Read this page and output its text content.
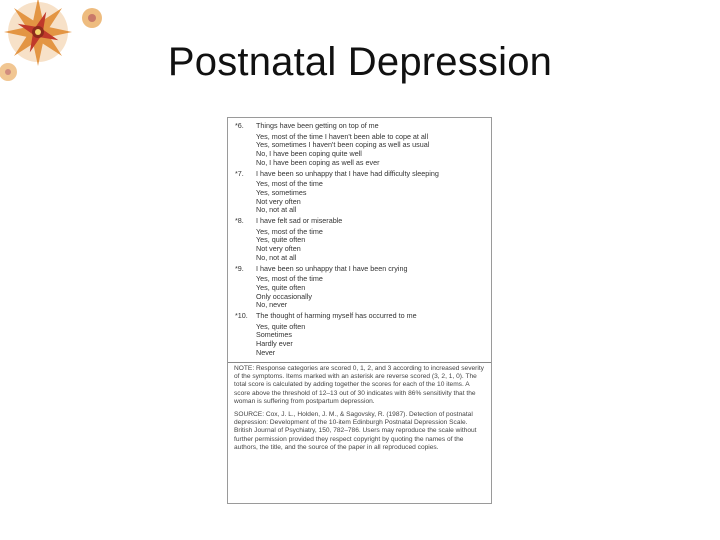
Postnatal Depression
*6. Things have been getting on top of me
Yes, most of the time I haven't been able to cope at all
Yes, sometimes I haven't been coping as well as usual
No, I have been coping quite well
No, I have been coping as well as ever
*7. I have been so unhappy that I have had difficulty sleeping
Yes, most of the time
Yes, sometimes
Not very often
No, not at all
*8. I have felt sad or miserable
Yes, most of the time
Yes, quite often
Not very often
No, not at all
*9. I have been so unhappy that I have been crying
Yes, most of the time
Yes, quite often
Only occasionally
No, never
*10. The thought of harming myself has occurred to me
Yes, quite often
Sometimes
Hardly ever
Never
NOTE: Response categories are scored 0, 1, 2, and 3 according to increased severity of the symptoms. Items marked with an asterisk are reverse scored (3, 2, 1, 0). The total score is calculated by adding together the scores for each of the 10 items. A score above the threshold of 12–13 out of 30 indicates with 86% sensitivity that the woman is suffering from postpartum depression.
SOURCE: Cox, J. L., Holden, J. M., & Sagovsky, R. (1987). Detection of postnatal depression: Development of the 10-item Edinburgh Postnatal Depression Scale. British Journal of Psychiatry, 150, 782–786. Users may reproduce the scale without further permission provided they respect copyright by quoting the names of the authors, the title, and the source of the paper in all reproduced copies.
